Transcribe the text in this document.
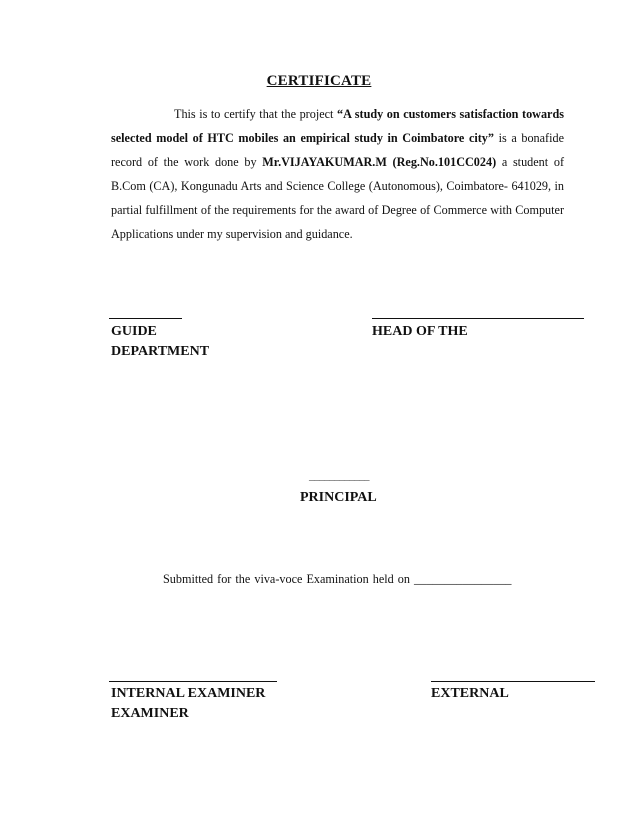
CERTIFICATE

This is to certify that the project “A study on customers satisfaction towards selected model of HTC mobiles an empirical study in Coimbatore city” is a bonafide record of the work done by Mr.VIJAYAKUMAR.M (Reg.No.101CC024) a student of B.Com (CA), Kongunadu Arts and Science College (Autonomous), Coimbatore- 641029, in partial fulfillment of the requirements for the award of Degree of Commerce with Computer Applications under my supervision and guidance.

GUIDE
DEPARTMENT
HEAD OF THE
____________
PRINCIPAL
Submitted for the viva-voce Examination held on ________________
INTERNAL EXAMINER	EXTERNAL
EXAMINER
